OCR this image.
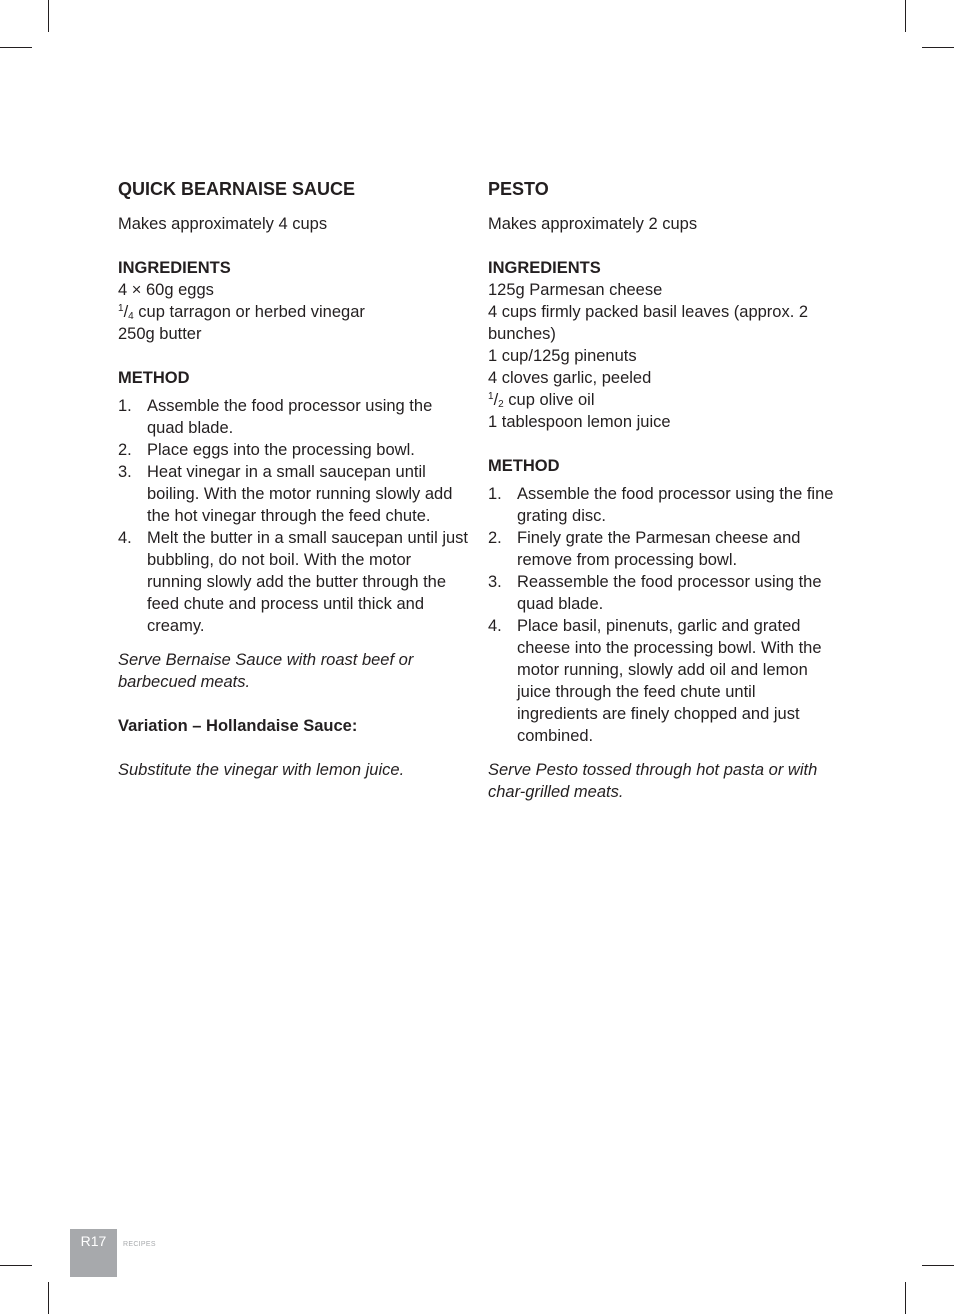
QUICK BEARNAISE SAUCE

Makes approximately 4 cups

INGREDIENTS

4 × 60g eggs

$^1/_4$ cup tarragon or herbed vinegar

250g butter

METHOD

1. Assemble the food processor using the quad blade.
2. Place eggs into the processing bowl.
3. Heat vinegar in a small saucepan until boiling. With the motor running slowly add the hot vinegar through the feed chute.
4. Melt the butter in a small saucepan until just bubbling, do not boil. With the motor running slowly add the butter through the feed chute and process until thick and creamy.

Serve Bernaise Sauce with roast beef or barbecued meats.

Variation – Hollandaise Sauce:

Substitute the vinegar with lemon juice.

PESTO

Makes approximately 2 cups

INGREDIENTS

125g Parmesan cheese

4 cups firmly packed basil leaves (approx. 2 bunches)

1 cup/125g pinenuts

4 cloves garlic, peeled

$^1/_2$ cup olive oil

1 tablespoon lemon juice

METHOD

1. Assemble the food processor using the fine grating disc.
2. Finely grate the Parmesan cheese and remove from processing bowl.
3. Reassemble the food processor using the quad blade.
4. Place basil, pinenuts, garlic and grated cheese into the processing bowl. With the motor running, slowly add oil and lemon juice through the feed chute until ingredients are finely chopped and just combined.

Serve Pesto tossed through hot pasta or with char-grilled meats.

R17	RECIPES
